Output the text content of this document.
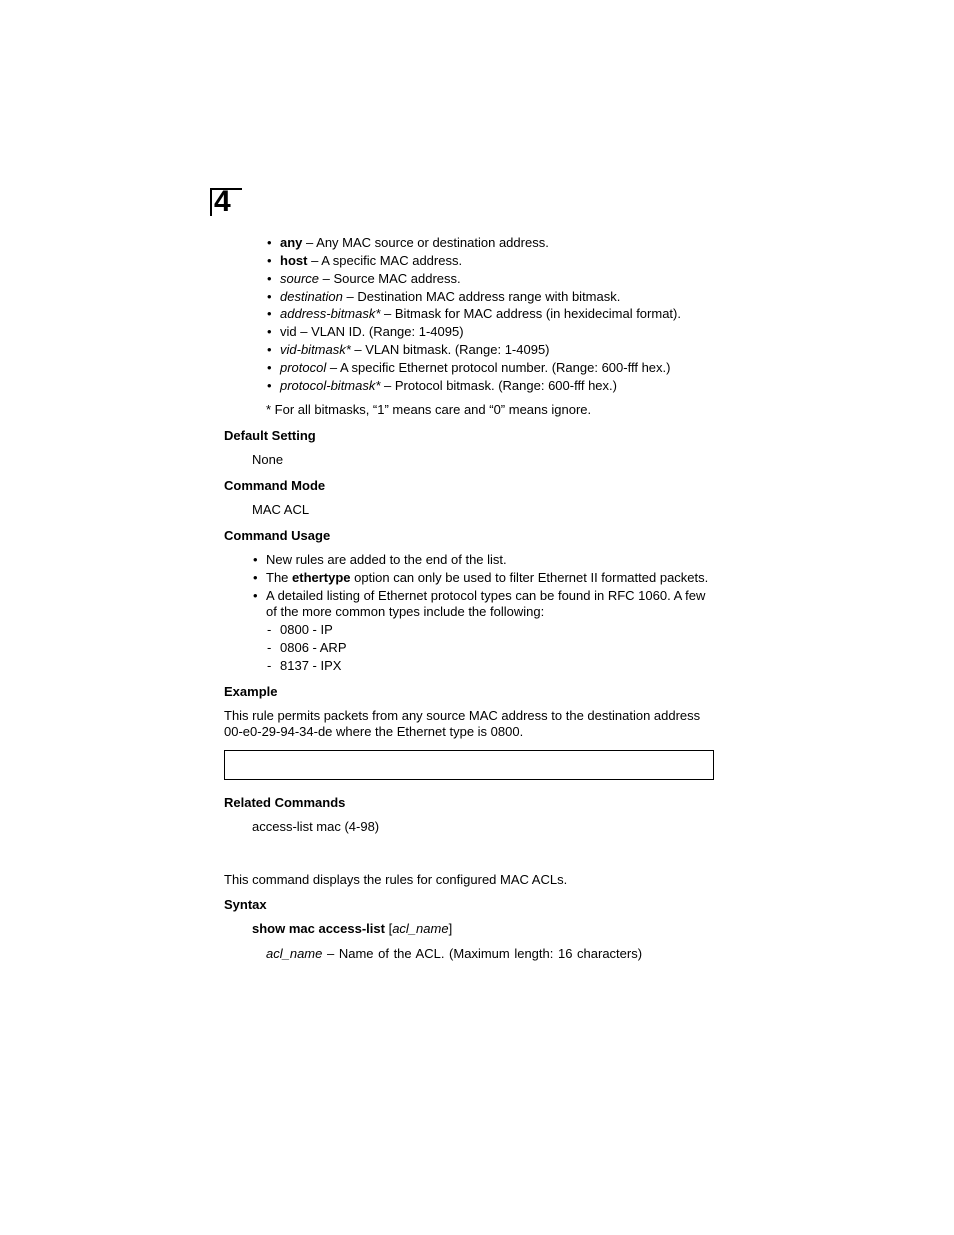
4
• any – Any MAC source or destination address.
• host – A specific MAC address.
• source – Source MAC address.
• destination – Destination MAC address range with bitmask.
• address-bitmask* – Bitmask for MAC address (in hexidecimal format).
• vid – VLAN ID. (Range: 1-4095)
• vid-bitmask* – VLAN bitmask. (Range: 1-4095)
• protocol – A specific Ethernet protocol number. (Range: 600-fff hex.)
• protocol-bitmask* – Protocol bitmask. (Range: 600-fff hex.)
* For all bitmasks, “1” means care and “0” means ignore.
Default Setting
None
Command Mode
MAC ACL
Command Usage
• New rules are added to the end of the list.
• The ethertype option can only be used to filter Ethernet II formatted packets.
• A detailed listing of Ethernet protocol types can be found in RFC 1060. A few
of the more common types include the following:
- 0800 - IP
- 0806 - ARP
- 8137 - IPX
Example
This rule permits packets from any source MAC address to the destination address
00-e0-29-94-34-de where the Ethernet type is 0800.
Related Commands
access-list mac (4-98)
This command displays the rules for configured MAC ACLs.
Syntax
show mac access-list [acl_name]
acl_name – Name of the ACL. (Maximum length: 16 characters)
